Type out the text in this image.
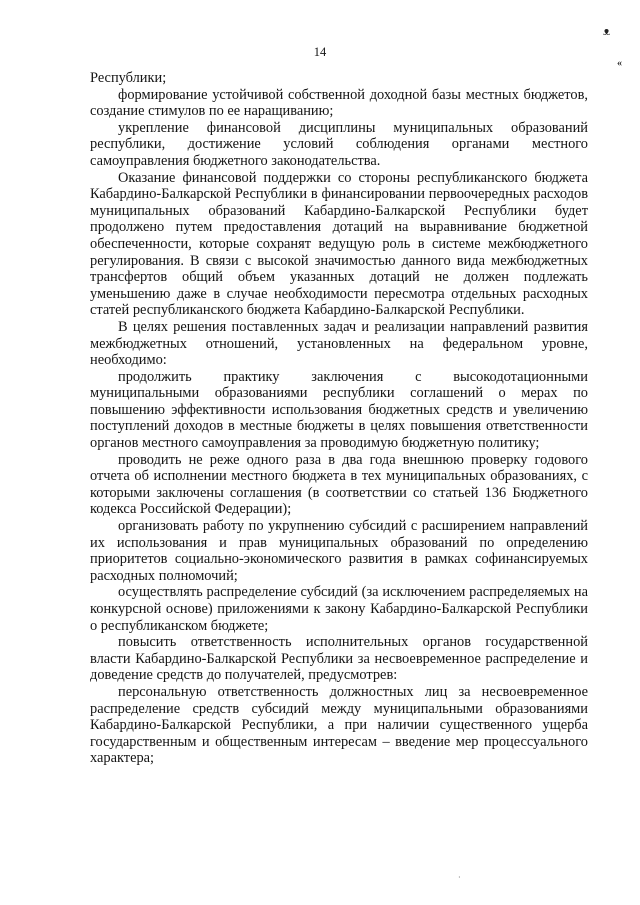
ᴥ
«
14

Республики;

формирование устойчивой собственной доходной базы местных бюджетов, создание стимулов по ее наращиванию;

укрепление финансовой дисциплины муниципальных образований республики, достижение условий соблюдения органами местного самоуправления бюджетного законодательства.

Оказание финансовой поддержки со стороны республиканского бюджета Кабардино-Балкарской Республики в финансировании первоочередных расходов муниципальных образований Кабардино-Балкарской Республики будет продолжено путем предоставления дотаций на выравнивание бюджетной обеспеченности, которые сохранят ведущую роль в системе межбюджетного регулирования. В связи с высокой значимостью данного вида межбюджетных трансфертов общий объем указанных дотаций не должен подлежать уменьшению даже в случае необходимости пересмотра отдельных расходных статей республиканского бюджета Кабардино-Балкарской Республики.

В целях решения поставленных задач и реализации направлений развития межбюджетных отношений, установленных на федеральном уровне, необходимо:

продолжить практику заключения с высокодотационными муниципальными образованиями республики соглашений о мерах по повышению эффективности использования бюджетных средств и увеличению поступлений доходов в местные бюджеты в целях повышения ответственности органов местного самоуправления за проводимую бюджетную политику;

проводить не реже одного раза в два года внешнюю проверку годового отчета об исполнении местного бюджета в тех муниципальных образованиях, с которыми заключены соглашения (в соответствии со статьей 136 Бюджетного кодекса Российской Федерации);

организовать работу по укрупнению субсидий с расширением направлений их использования и прав муниципальных образований по определению приоритетов социально-экономического развития в рамках софинансируемых расходных полномочий;

осуществлять распределение субсидий (за исключением распределяемых на конкурсной основе) приложениями к закону Кабардино-Балкарской Республики о республиканском бюджете;

повысить ответственность исполнительных органов государственной власти Кабардино-Балкарской Республики за несвоевременное распределение и доведение средств до получателей, предусмотрев:

персональную ответственность должностных лиц за несвоевременное распределение средств субсидий между муниципальными образованиями Кабардино-Балкарской Республики, а при наличии существенного ущерба государственным и общественным интересам – введение мер процессуального характера;

·
